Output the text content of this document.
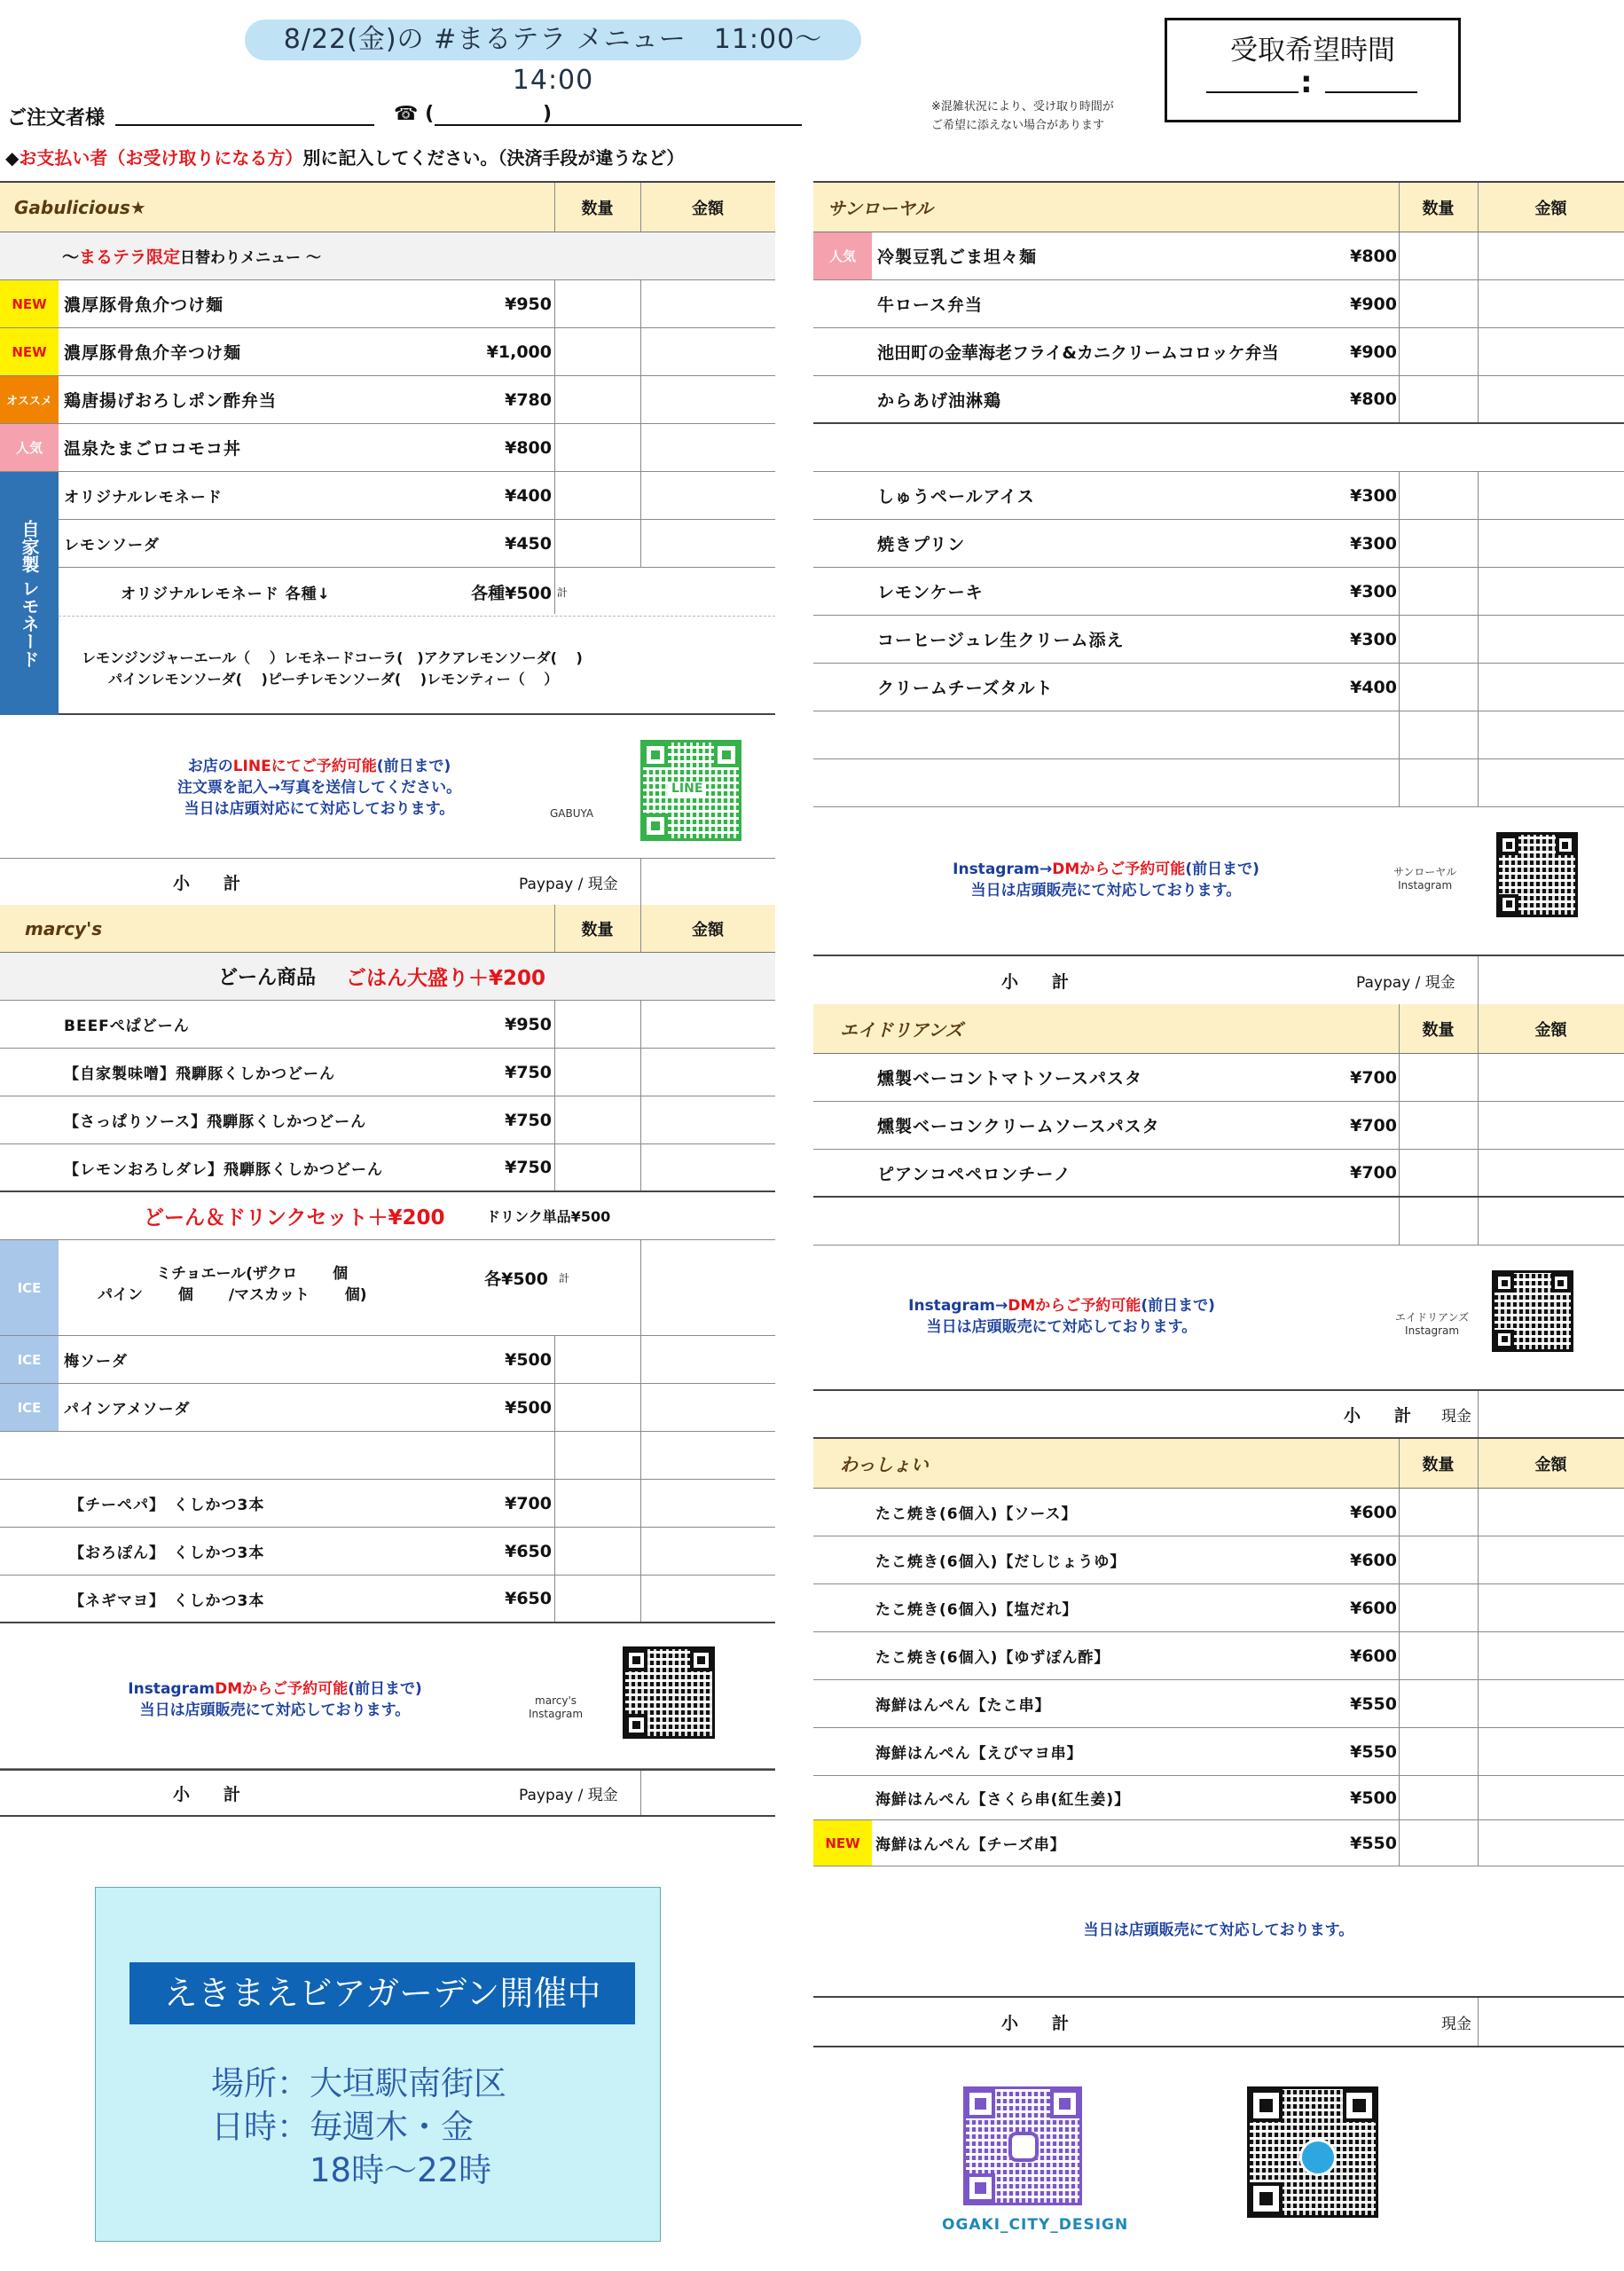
8/22(金)の #まるテラ メニュー　11:00～14:00
受取希望時間
:
ご注文者様	☎ (	)
◆お支払い者（お受け取りになる方）別に記入してください。（決済手段が違うなど）
※混雑状況により、受け取り時間が
ご希望に添えない場合があります
Gabulicious★	数量	金額
～ まるテラ限定 日替わりメニュー ～
NEW	濃厚豚骨魚介つけ麺	¥950
NEW	濃厚豚骨魚介辛つけ麺	¥1,000
オススメ 鶏唐揚げおろしポン酢弁当	¥780
人気	温泉たまごロコモコ丼	¥800
自家製 レモネード
オリジナルレモネード	¥400
レモンソーダ	¥450
オリジナルレモネード 各種↓	各種¥500 計
レモンジンジャーエール（　 ）レモネードコーラ(　)アクアレモンソーダ(　 )
パインレモンソーダ(　 )ピーチレモンソーダ(　 )レモンティー（　 ）
お店のLINEにてご予約可能(前日まで)
注文票を記入→写真を送信してください。
当日は店頭対応にて対応しております。	GABUYA
LINE
小　　計	Paypay / 現金
marcy's	数量	金額
どーん商品 ごはん大盛り＋¥200
BEEFぺぱどーん	¥950
【自家製味噌】飛騨豚くしかつどーん	¥750
【さっぱりソース】飛騨豚くしかつどーん	¥750
【レモンおろしダレ】飛騨豚くしかつどーん	¥750
どーん＆ドリンクセット＋¥200	ドリンク単品¥500
ICE
ミチョエール(ザクロ　　 個
パイン　　 個　　 /マスカット　　 個)
各¥500 計
ICE	梅ソーダ	¥500
ICE	パインアメソーダ	¥500
【チーペパ】　くしかつ3本	¥700
【おろぽん】　くしかつ3本	¥650
【ネギマヨ】　くしかつ3本	¥650
InstagramDMからご予約可能(前日まで)
当日は店頭販売にて対応しております。
marcy's
Instagram
小　　計	Paypay / 現金
サンローヤル	数量	金額
人気	冷製豆乳ごま坦々麺	¥800
牛ロース弁当	¥900
池田町の金華海老フライ&カニクリームコロッケ弁当	¥900
からあげ油淋鶏	¥800
しゅうペールアイス	¥300
焼きプリン	¥300
レモンケーキ	¥300
コーヒージュレ生クリーム添え	¥300
クリームチーズタルト	¥400
Instagram→DMからご予約可能(前日まで)
当日は店頭販売にて対応しております。
サンローヤル
Instagram
小　　計	Paypay / 現金
エイドリアンズ	数量	金額
燻製ベーコントマトソースパスタ	¥700
燻製ベーコンクリームソースパスタ	¥700
ピアンコペペロンチーノ	¥700
Instagram→DMからご予約可能(前日まで)
当日は店頭販売にて対応しております。
エイドリアンズ
Instagram
小　　計 現金
わっしょい	数量	金額
たこ焼き(6個入)【ソース】	¥600
たこ焼き(6個入)【だしじょうゆ】	¥600
たこ焼き(6個入)【塩だれ】	¥600
たこ焼き(6個入)【ゆずぽん酢】	¥600
海鮮はんぺん【たこ串】	¥550
海鮮はんぺん【えびマヨ串】	¥550
海鮮はんぺん【さくら串(紅生姜)】	¥500
NEW	海鮮はんぺん【チーズ串】	¥550
当日は店頭販売にて対応しております。
小　　計	現金
えきまえビアガーデン開催中
場所：大垣駅南街区
日時：毎週木・金
　　　18時～22時
OGAKI_CITY_DESIGN
